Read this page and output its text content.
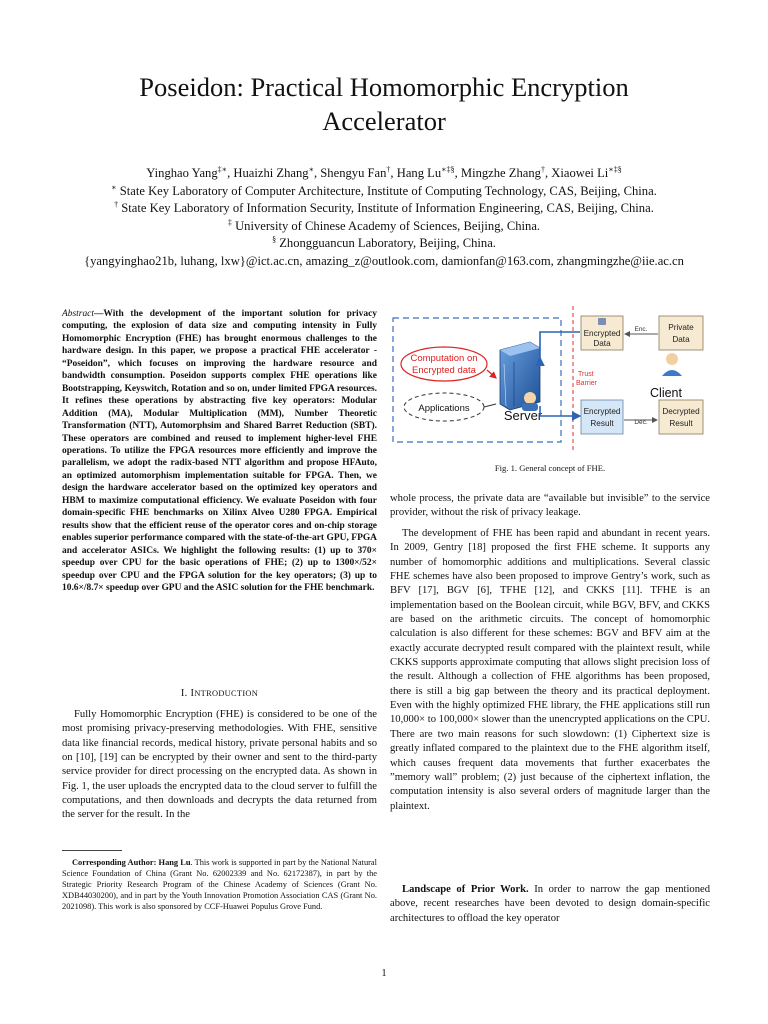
Poseidon: Practical Homomorphic Encryption
Accelerator
Yinghao Yang‡∗, Huaizhi Zhang∗, Shengyu Fan†, Hang Lu∗‡§, Mingzhe Zhang†, Xiaowei Li∗‡§
∗ State Key Laboratory of Computer Architecture, Institute of Computing Technology, CAS, Beijing, China.
† State Key Laboratory of Information Security, Institute of Information Engineering, CAS, Beijing, China.
‡ University of Chinese Academy of Sciences, Beijing, China.
§ Zhongguancun Laboratory, Beijing, China.
{yangyinghao21b, luhang, lxw}@ict.ac.cn, amazing_z@outlook.com, damionfan@163.com, zhangmingzhe@iie.ac.cn
Abstract—With the development of the important solution for privacy computing, the explosion of data size and computing intensity in Fully Homomorphic Encryption (FHE) has brought enormous challenges to the hardware design. In this paper, we propose a practical FHE accelerator - “Poseidon”, which focuses on improving the hardware resource and bandwidth consumption. Poseidon supports complex FHE operations like Bootstrapping, Keyswitch, Rotation and so on, under limited FPGA resources. It refines these operations by abstracting five key operators: Modular Addition (MA), Modular Multiplication (MM), Number Theoretic Transformation (NTT), Automorphsim and Shared Barret Reduction (SBT). These operators are combined and reused to implement higher-level FHE operations. To utilize the FPGA resources more efficiently and improve the parallelism, we adopt the radix-based NTT algorithm and propose HFAuto, an optimized automorphism implementation suitable for FPGA. Then, we design the hardware accelerator based on the optimized key operators and HBM to maximize computational efficiency. We evaluate Poseidon with four domain-specific FHE benchmarks on Xilinx Alveo U280 FPGA. Empirical results show that the efficient reuse of the operator cores and on-chip storage enables superior performance compared with the state-of-the-art GPU, FPGA and accelerator ASICs. We highlight the following results: (1) up to 370× speedup over CPU for the basic operations of FHE; (2) up to 1300×/52× speedup over CPU and the FPGA solution for the key operators; (3) up to 10.6×/8.7× speedup over GPU and the ASIC solution for the FHE benchmark.
I. INTRODUCTION
Fully Homomorphic Encryption (FHE) is considered to be one of the most promising privacy-preserving methodologies. With FHE, sensitive data like financial records, medical history, private personal habits and so on [10], [19] can be encrypted by their owner and sent to the third-party service provider for direct processing on the encrypted data. As shown in Fig. 1, the user uploads the encrypted data to the cloud server to fulfill the computations, and then downloads and decrypts the data returned from the server for the result. In the
Corresponding Author: Hang Lu. This work is supported in part by the National Natural Science Foundation of China (Grant No. 62002339 and No. 62172387), in part by the Strategic Priority Research Program of the Chinese Academy of Sciences (Grant No. XDB44030200), and in part by the Youth Innovation Promotion Association CAS (Grant No. 2021098). This work is also sponsored by CCF-Huawei Populus Grove Fund.
Trust
Barrier
Computation on
Encrypted data
Applications	Server
Encrypted
Data
Encrypted
Result
Private
Data
Decrypted
Result
Enc.
Dec.
Client
Fig. 1. General concept of FHE.
whole process, the private data are “available but invisible” to the service provider, without the risk of privacy leakage.
The development of FHE has been rapid and abundant in recent years. In 2009, Gentry [18] proposed the first FHE scheme. It supports any number of homomorphic additions and multiplications. Several classic FHE schemes have also been proposed to improve Gentry’s work, such as BFV [17], BGV [6], TFHE [12], and CKKS [11]. TFHE is an implementation based on the Boolean circuit, while BGV, BFV, and CKKS are based on the arithmetic circuits. The concept of homomorphic calculation is also different for these schemes: BGV and BFV aim at the exactly accurate decrypted result compared with the plaintext result, while CKKS supports approximate computing that allows slight precision loss of the result. Although a collection of FHE algorithms has been proposed, there is still a big gap between the theory and its practical deployment. Even with the highly optimized FHE library, the FHE applications still run 10,000× to 100,000× slower than the unencrypted applications on the CPU. There are two main reasons for such slowdown: (1) Ciphertext size is greatly inflated compared to the plaintext due to the FHE algorithm itself, which causes frequent data movements that further exacerbates the ”memory wall” problem; (2) just because of the ciphertext inflation, the computation intensity is also several orders of magnitude larger than the plaintext.
Landscape of Prior Work. In order to narrow the gap mentioned above, recent researches have been devoted to design domain-specific architectures to offload the key operator
1
